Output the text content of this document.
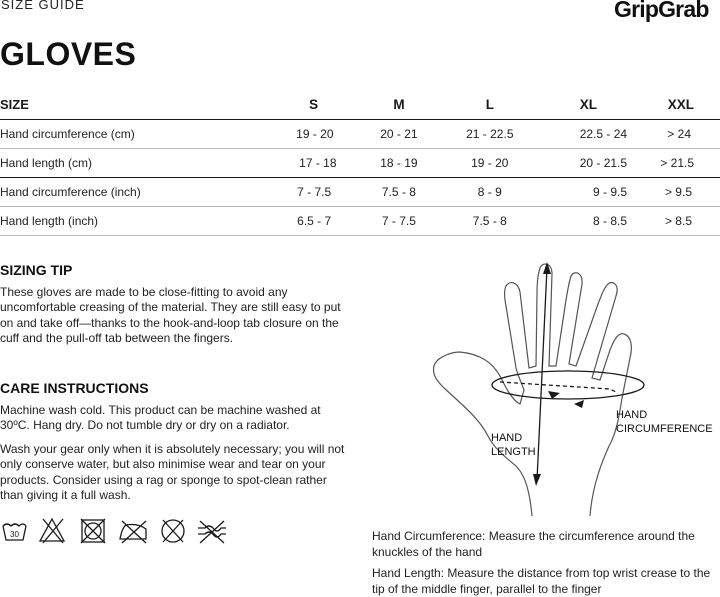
SIZE GUIDE	GripGrab
GLOVES
SIZE	S	M	L	XL	XXL
Hand circumference (cm)	19 - 20	20 - 21	21 - 22.5	22.5 - 24	> 24
Hand length (cm)	17 - 18	18 - 19	19 - 20	20 - 21.5	> 21.5
Hand circumference (inch)	7 - 7.5	7.5 - 8	8 - 9	9 - 9.5	> 9.5
Hand length (inch)	6.5 - 7	7 - 7.5	7.5 - 8	8 - 8.5	> 8.5
SIZING TIP

These gloves are made to be close-fitting to avoid any uncomfortable creasing of the material. They are still easy to put on and take off—thanks to the hook-and-loop tab closure on the cuff and the pull-off tab between the fingers.

CARE INSTRUCTIONS

Machine wash cold. This product can be machine washed at 30ºC. Hang dry. Do not tumble dry or dry on a radiator.

Wash your gear only when it is absolutely necessary; you will not only conserve water, but also minimise wear and tear on your products. Consider using a rag or sponge to spot-clean rather than giving it a full wash.

30
HAND CIRCUMFERENCE
HAND LENGTH

Hand Circumference: Measure the circumference around the knuckles of the hand

Hand Length: Measure the distance from top wrist crease to the tip of the middle finger, parallel to the finger
